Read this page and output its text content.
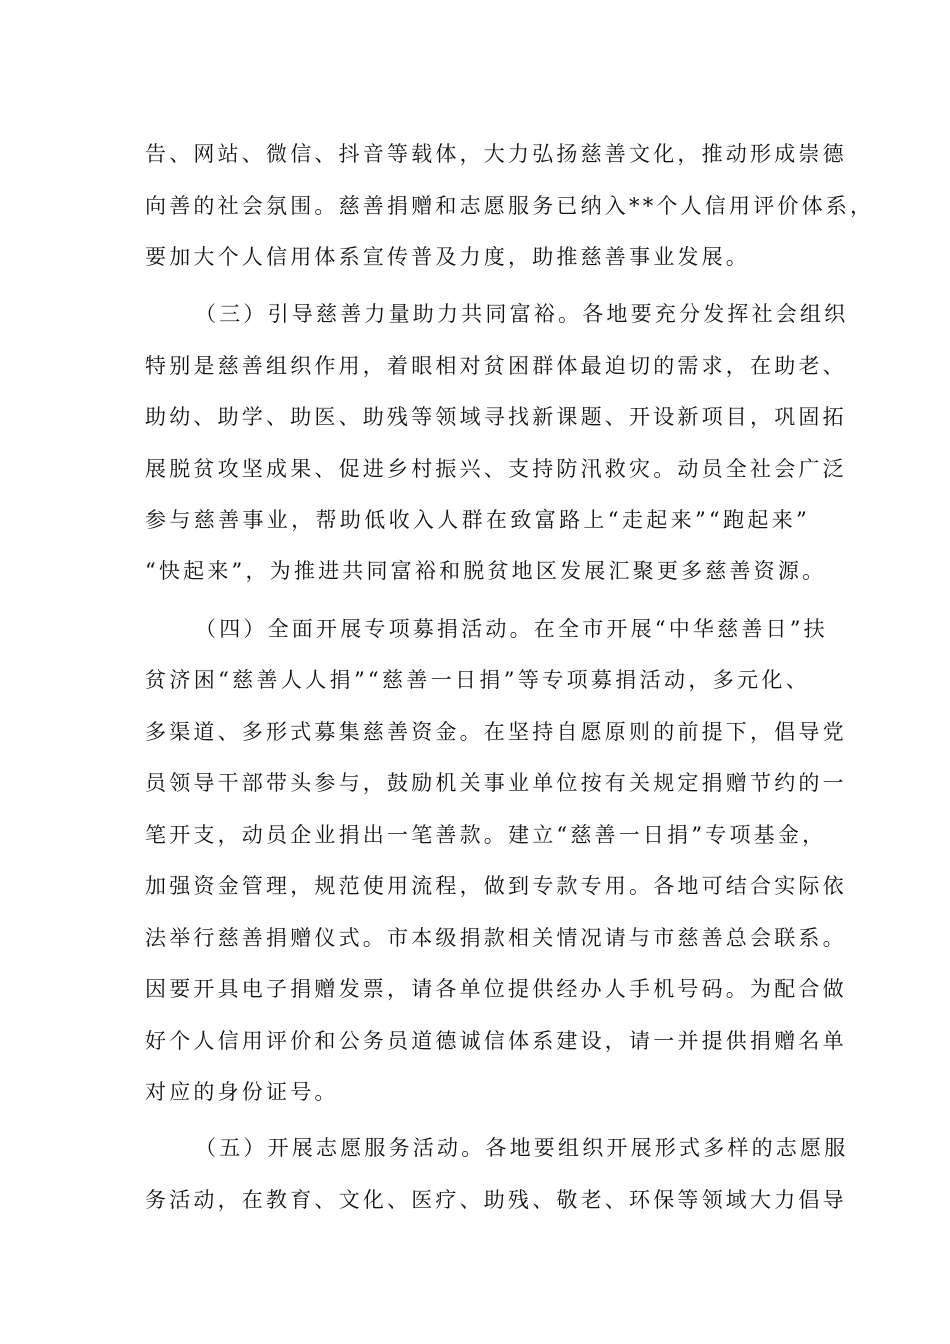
告、网站、微信、抖音等载体，大力弘扬慈善文化，推动形成崇德

向善的社会氛围。慈善捐赠和志愿服务已纳入**个人信用评价体系，

要加大个人信用体系宣传普及力度，助推慈善事业发展。

（三）引导慈善力量助力共同富裕。各地要充分发挥社会组织

特别是慈善组织作用，着眼相对贫困群体最迫切的需求，在助老、

助幼、助学、助医、助残等领域寻找新课题、开设新项目，巩固拓

展脱贫攻坚成果、促进乡村振兴、支持防汛救灾。动员全社会广泛

参与慈善事业，帮助低收入人群在致富路上“走起来”“跑起来”

“快起来”，为推进共同富裕和脱贫地区发展汇聚更多慈善资源。

（四）全面开展专项募捐活动。在全市开展“中华慈善日”扶

贫济困“慈善人人捐”“慈善一日捐”等专项募捐活动，多元化、

多渠道、多形式募集慈善资金。在坚持自愿原则的前提下，倡导党

员领导干部带头参与，鼓励机关事业单位按有关规定捐赠节约的一

笔开支，动员企业捐出一笔善款。建立“慈善一日捐”专项基金，

加强资金管理，规范使用流程，做到专款专用。各地可结合实际依

法举行慈善捐赠仪式。市本级捐款相关情况请与市慈善总会联系。

因要开具电子捐赠发票，请各单位提供经办人手机号码。为配合做

好个人信用评价和公务员道德诚信体系建设，请一并提供捐赠名单

对应的身份证号。

（五）开展志愿服务活动。各地要组织开展形式多样的志愿服

务活动，在教育、文化、医疗、助残、敬老、环保等领域大力倡导
